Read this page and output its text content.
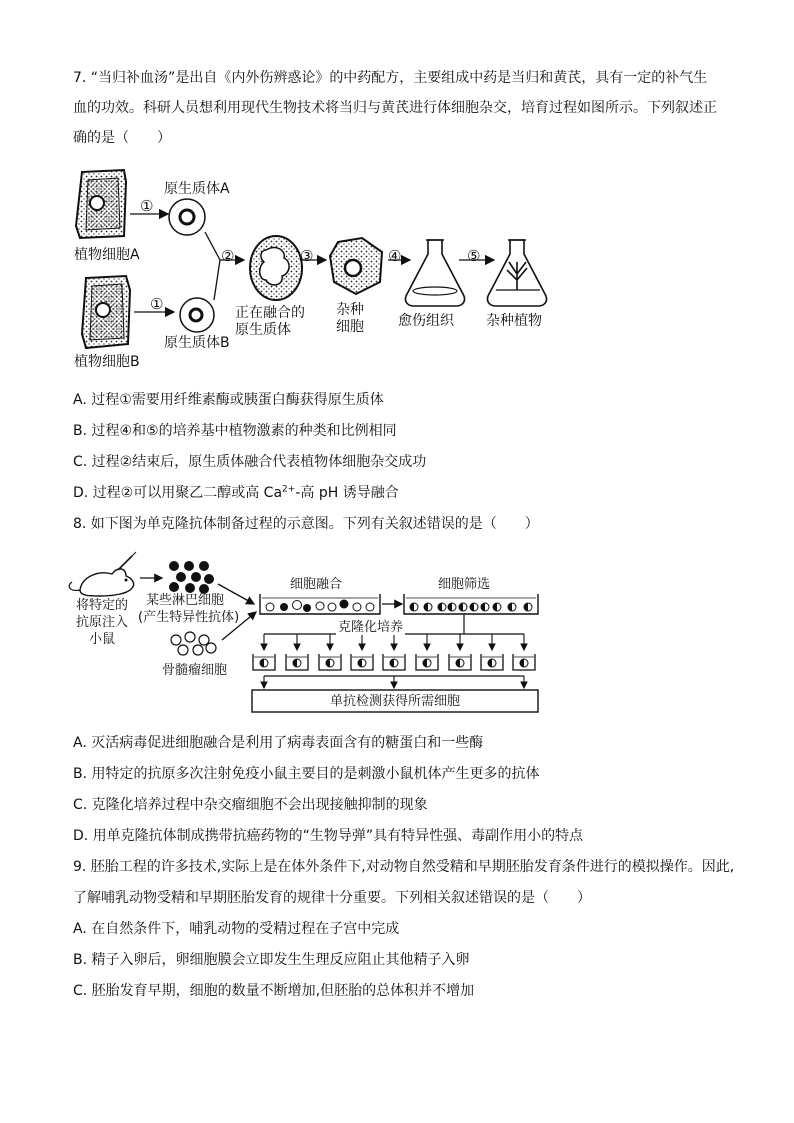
7. “当归补血汤”是出自《内外伤辨惑论》的中药配方，主要组成中药是当归和黄芪，具有一定的补气生
血的功效。科研人员想利用现代生物技术将当归与黄芪进行体细胞杂交，培育过程如图所示。下列叙述正
确的是（　　）
原生质体A
①
植物细胞A	②	③	④	⑤
①	正在融合的
原生质体
杂种
细胞 愈伤组织 杂种植物
原生质体B
植物细胞B
A. 过程①需要用纤维素酶或胰蛋白酶获得原生质体
B. 过程④和⑤的培养基中植物激素的种类和比例相同
C. 过程②结束后，原生质体融合代表植物体细胞杂交成功
D. 过程②可以用聚乙二醇或高 $Ca^{2+}-$高 pH 诱导融合
8. 如下图为单克隆抗体制备过程的示意图。下列有关叙述错误的是（　　）
将特定的
抗原注入
小鼠
某些淋巴细胞
(产生特异性抗体)
骨髓瘤细胞
细胞融合	细胞筛选
克隆化培养
单抗检测获得所需细胞
A. 灭活病毒促进细胞融合是利用了病毒表面含有的糖蛋白和一些酶
B. 用特定的抗原多次注射免疫小鼠主要目的是刺激小鼠机体产生更多的抗体
C. 克隆化培养过程中杂交瘤细胞不会出现接触抑制的现象
D. 用单克隆抗体制成携带抗癌药物的“生物导弹”具有特异性强、毒副作用小的特点
9. 胚胎工程的许多技术,实际上是在体外条件下,对动物自然受精和早期胚胎发育条件进行的模拟操作。因此,
了解哺乳动物受精和早期胚胎发育的规律十分重要。下列相关叙述错误的是（　　）
A. 在自然条件下，哺乳动物的受精过程在子宫中完成
B. 精子入卵后，卵细胞膜会立即发生生理反应阻止其他精子入卵
C. 胚胎发育早期，细胞的数量不断增加,但胚胎的总体积并不增加
